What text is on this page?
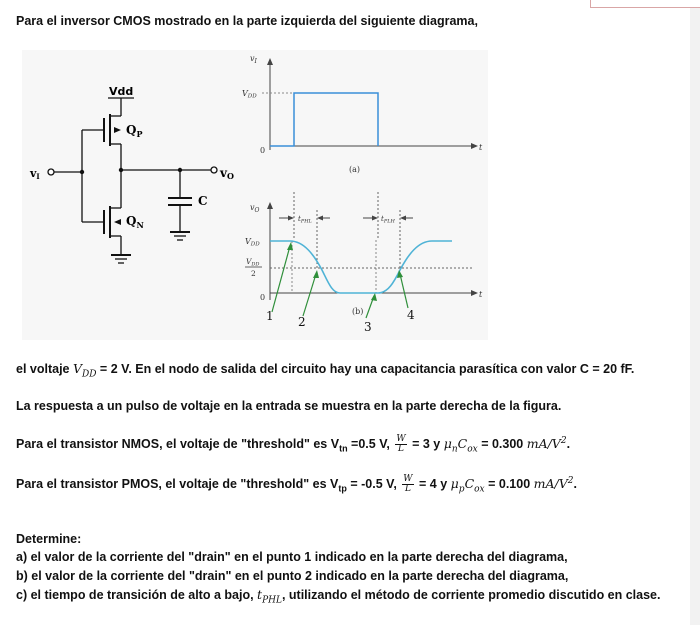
Para el inversor CMOS mostrado en la parte izquierda del siguiente diagrama,
Vdd
$Q_P$
$Q_N$
vI	vO
C
$v_I$
VDD
0	t
(a)
$v_O$
VDD
$V_{DD}$
2
0	t
$t_{PHL}$	$t_{PLH}$
(b)
1 2	3
4
el voltaje $V_{DD} = 2$ V. En el nodo de salida del circuito hay una capacitancia parasítica con valor C = 20 fF.
La respuesta a un pulso de voltaje en la entrada se muestra en la parte derecha de la figura.
Para el transistor NMOS, el voltaje de "threshold" es $V_{tn} =0.5$ V, $\frac{W}{L} = 3$ y $\mu_nC_{ox} = 0.300$ $mA/V^2$.
Para el transistor PMOS, el voltaje de "threshold" es $V_{tp} = -0.5$ V, $\frac{W}{L} = 4$ y $\mu_pC_{ox} = 0.100$ $mA/V^2$.
Determine:
a) el valor de la corriente del "drain" en el punto 1 indicado en la parte derecha del diagrama,
b) el valor de la corriente del "drain" en el punto 2 indicado en la parte derecha del diagrama,
c) el tiempo de transición de alto a bajo, $t_{PHL}$, utilizando el método de corriente promedio discutido en clase.
